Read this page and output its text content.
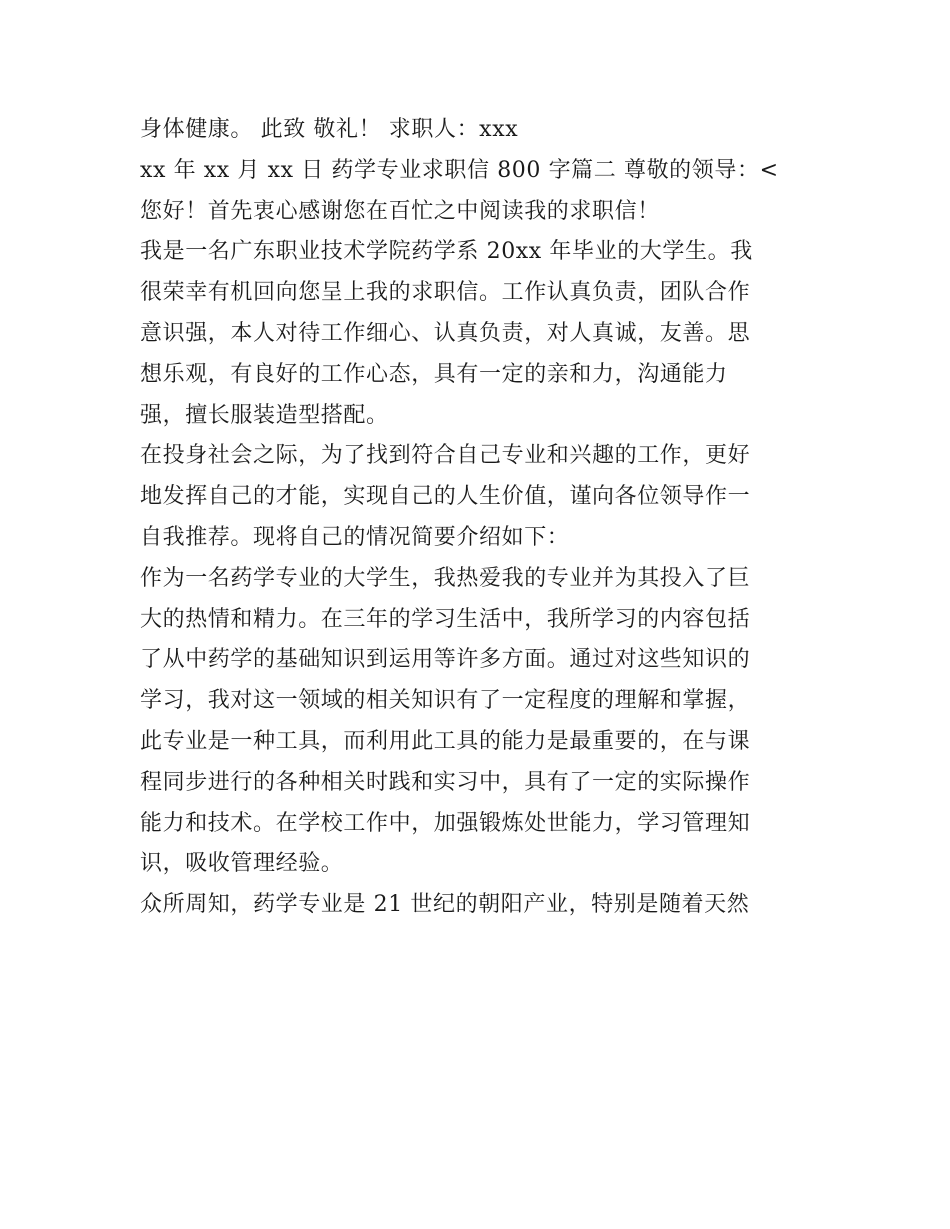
身体健康。 此致 敬礼！ 求职人：xxx
xx 年 xx 月 xx 日 药学专业求职信 800 字篇二 尊敬的领导：<
您好！首先衷心感谢您在百忙之中阅读我的求职信！
我是一名广东职业技术学院药学系 20xx 年毕业的大学生。我
很荣幸有机回向您呈上我的求职信。工作认真负责，团队合作
意识强，本人对待工作细心、认真负责，对人真诚，友善。思
想乐观，有良好的工作心态，具有一定的亲和力，沟通能力
强，擅长服装造型搭配。
在投身社会之际，为了找到符合自己专业和兴趣的工作，更好
地发挥自己的才能，实现自己的人生价值，谨向各位领导作一
自我推荐。现将自己的情况简要介绍如下：
作为一名药学专业的大学生，我热爱我的专业并为其投入了巨
大的热情和精力。在三年的学习生活中，我所学习的内容包括
了从中药学的基础知识到运用等许多方面。通过对这些知识的
学习，我对这一领域的相关知识有了一定程度的理解和掌握，
此专业是一种工具，而利用此工具的能力是最重要的，在与课
程同步进行的各种相关时践和实习中，具有了一定的实际操作
能力和技术。在学校工作中，加强锻炼处世能力，学习管理知
识，吸收管理经验。
众所周知，药学专业是 21 世纪的朝阳产业，特别是随着天然
